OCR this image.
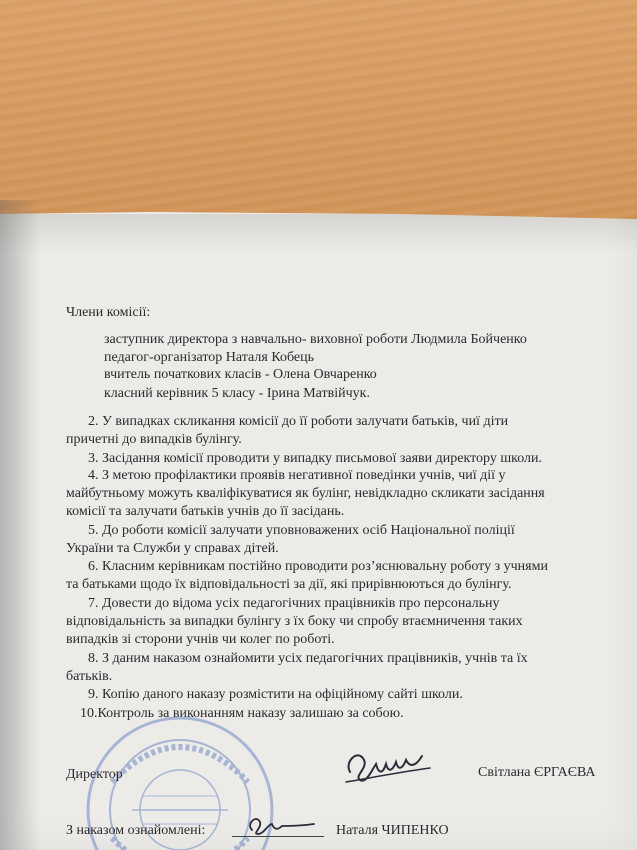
Члени комісії:
заступник директора з навчально- виховної роботи Людмила Бойченко
педагог-організатор Наталя Кобець
вчитель початкових класів - Олена Овчаренко
класний керівник 5 класу - Ірина Матвійчук.
2. У випадках скликання комісії до її роботи залучати батьків, чиї діти
причетні до випадків булінгу.
3. Засідання комісії проводити у випадку письмової заяви директору школи.
4. З метою профілактики проявів негативної поведінки учнів, чиї дії у
майбутньому можуть кваліфікуватися як булінг, невідкладно скликати засідання
комісії та залучати батьків учнів до її засідань.
5. До роботи комісії залучати уповноважених осіб Національної поліції
України та Служби у справах дітей.
6. Класним керівникам постійно проводити роз’яснювальну роботу з учнями
та батьками щодо їх відповідальності за дії, які прирівнюються до булінгу.
7. Довести до відома усіх педагогічних працівників про персональну
відповідальність за випадки булінгу з їх боку чи спробу втаємничення таких
випадків зі сторони учнів чи колег по роботі.
8. З даним наказом ознайомити усіх педагогічних працівників, учнів та їх
батьків.
9. Копію даного наказу розмістити на офіційному сайті школи.
10.Контроль за виконанням наказу залишаю за собою.
Директор	Світлана ЄРГАЄВА
З наказом ознайомлені:	Наталя ЧИПЕНКО
